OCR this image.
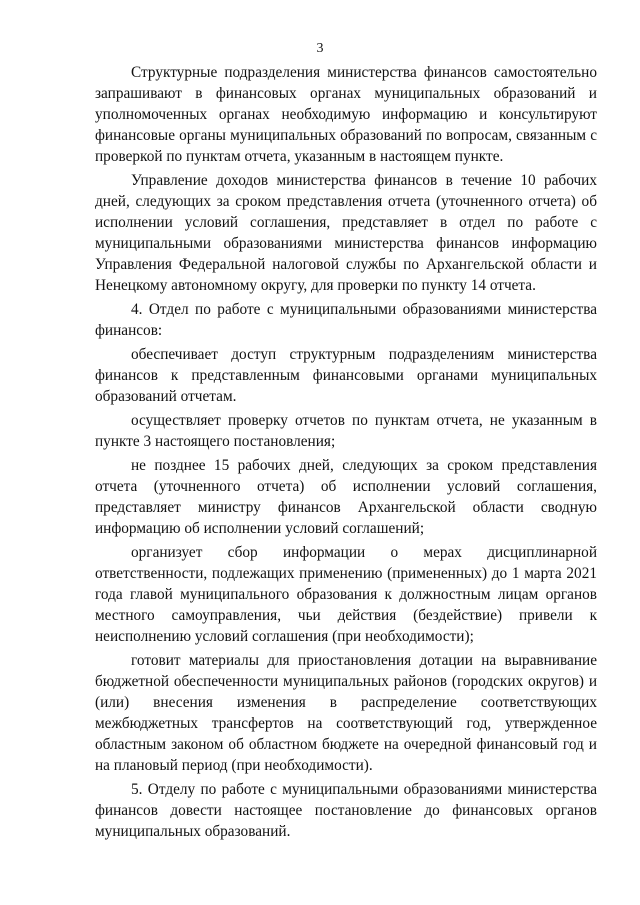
3

Структурные подразделения министерства финансов самостоятельно запрашивают в финансовых органах муниципальных образований и уполномоченных органах необходимую информацию и консультируют финансовые органы муниципальных образований по вопросам, связанным с проверкой по пунктам отчета, указанным в настоящем пункте.

Управление доходов министерства финансов в течение 10 рабочих дней, следующих за сроком представления отчета (уточненного отчета) об исполнении условий соглашения, представляет в отдел по работе с муниципальными образованиями министерства финансов информацию Управления Федеральной налоговой службы по Архангельской области и Ненецкому автономному округу, для проверки по пункту 14 отчета.

4. Отдел по работе с муниципальными образованиями министерства финансов:

обеспечивает доступ структурным подразделениям министерства финансов к представленным финансовыми органами муниципальных образований отчетам.

осуществляет проверку отчетов по пунктам отчета, не указанным в пункте 3 настоящего постановления;

не позднее 15 рабочих дней, следующих за сроком представления отчета (уточненного отчета) об исполнении условий соглашения, представляет министру финансов Архангельской области сводную информацию об исполнении условий соглашений;

организует сбор информации о мерах дисциплинарной ответственности, подлежащих применению (примененных) до 1 марта 2021 года главой муниципального образования к должностным лицам органов местного самоуправления, чьи действия (бездействие) привели к неисполнению условий соглашения (при необходимости);

готовит материалы для приостановления дотации на выравнивание бюджетной обеспеченности муниципальных районов (городских округов) и (или) внесения изменения в распределение соответствующих межбюджетных трансфертов на соответствующий год, утвержденное областным законом об областном бюджете на очередной финансовый год и на плановый период (при необходимости).

5. Отделу по работе с муниципальными образованиями министерства финансов довести настоящее постановление до финансовых органов муниципальных образований.
